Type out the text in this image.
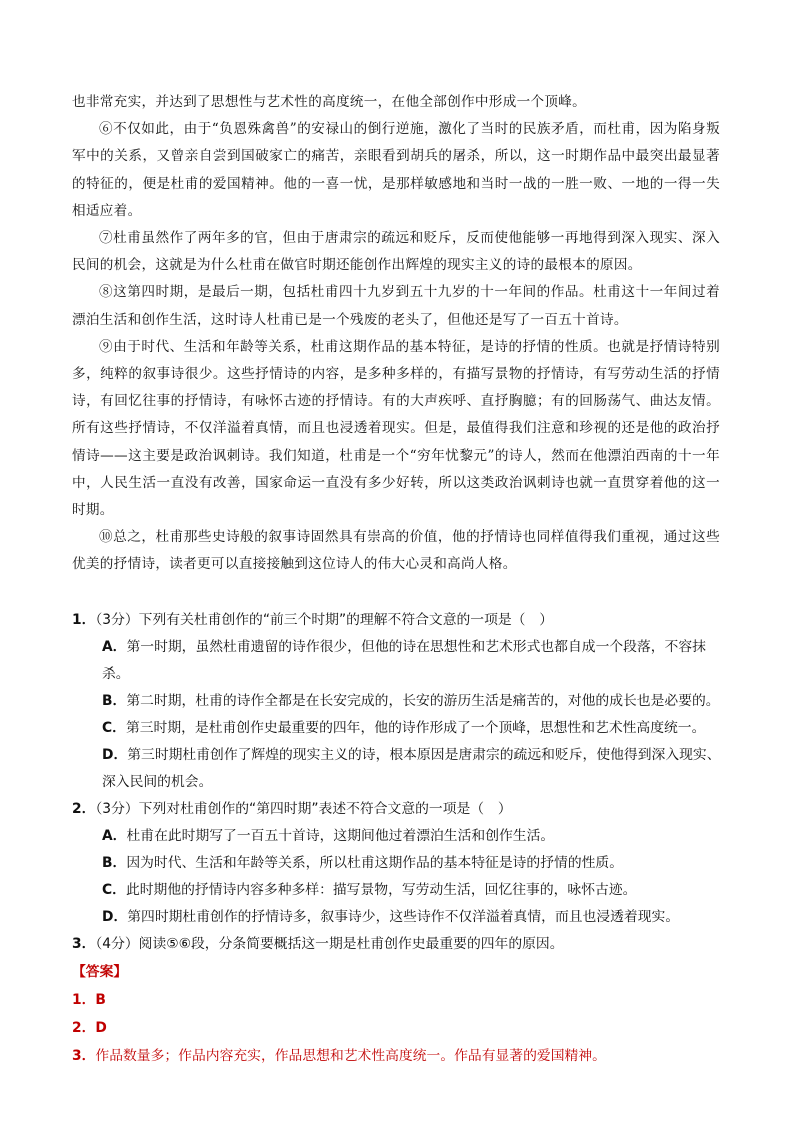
也非常充实，并达到了思想性与艺术性的高度统一，在他全部创作中形成一个顶峰。

⑥不仅如此，由于“负恩殊禽兽”的安禄山的倒行逆施，激化了当时的民族矛盾，而杜甫，因为陷身叛军中的关系，又曾亲自尝到国破家亡的痛苦，亲眼看到胡兵的屠杀，所以，这一时期作品中最突出最显著的特征的，便是杜甫的爱国精神。他的一喜一忧，是那样敏感地和当时一战的一胜一败、一地的一得一失相适应着。

⑦杜甫虽然作了两年多的官，但由于唐肃宗的疏远和贬斥，反而使他能够一再地得到深入现实、深入民间的机会，这就是为什么杜甫在做官时期还能创作出辉煌的现实主义的诗的最根本的原因。

⑧这第四时期，是最后一期，包括杜甫四十九岁到五十九岁的十一年间的作品。杜甫这十一年间过着漂泊生活和创作生活，这时诗人杜甫已是一个残废的老头了，但他还是写了一百五十首诗。

⑨由于时代、生活和年龄等关系，杜甫这期作品的基本特征，是诗的抒情的性质。也就是抒情诗特别多，纯粹的叙事诗很少。这些抒情诗的内容，是多种多样的，有描写景物的抒情诗，有写劳动生活的抒情诗，有回忆往事的抒情诗，有咏怀古迹的抒情诗。有的大声疾呼、直抒胸臆；有的回肠荡气、曲达友情。所有这些抒情诗，不仅洋溢着真情，而且也浸透着现实。但是，最值得我们注意和珍视的还是他的政治抒情诗——这主要是政治讽刺诗。我们知道，杜甫是一个“穷年忧黎元”的诗人，然而在他漂泊西南的十一年中，人民生活一直没有改善，国家命运一直没有多少好转，所以这类政治讽刺诗也就一直贯穿着他的这一时期。

⑩总之，杜甫那些史诗般的叙事诗固然具有崇高的价值，他的抒情诗也同样值得我们重视，通过这些优美的抒情诗，读者更可以直接接触到这位诗人的伟大心灵和高尚人格。

1．（3分）下列有关杜甫创作的“前三个时期”的理解不符合文意的一项是（　）
A．第一时期，虽然杜甫遗留的诗作很少，但他的诗在思想性和艺术形式也都自成一个段落，不容抹杀。
B．第二时期，杜甫的诗作全都是在长安完成的，长安的游历生活是痛苦的，对他的成长也是必要的。
C．第三时期，是杜甫创作史最重要的四年，他的诗作形成了一个顶峰，思想性和艺术性高度统一。
D．第三时期杜甫创作了辉煌的现实主义的诗，根本原因是唐肃宗的疏远和贬斥，使他得到深入现实、深入民间的机会。
2．（3分）下列对杜甫创作的“第四时期”表述不符合文意的一项是（　）
A．杜甫在此时期写了一百五十首诗，这期间他过着漂泊生活和创作生活。
B．因为时代、生活和年龄等关系，所以杜甫这期作品的基本特征是诗的抒情的性质。
C．此时期他的抒情诗内容多种多样：描写景物，写劳动生活，回忆往事的，咏怀古迹。
D．第四时期杜甫创作的抒情诗多，叙事诗少，这些诗作不仅洋溢着真情，而且也浸透着现实。
3．（4分）阅读⑤⑥段，分条简要概括这一期是杜甫创作史最重要的四年的原因。
【答案】
1．B
2．D
3．作品数量多；作品内容充实，作品思想和艺术性高度统一。作品有显著的爱国精神。
